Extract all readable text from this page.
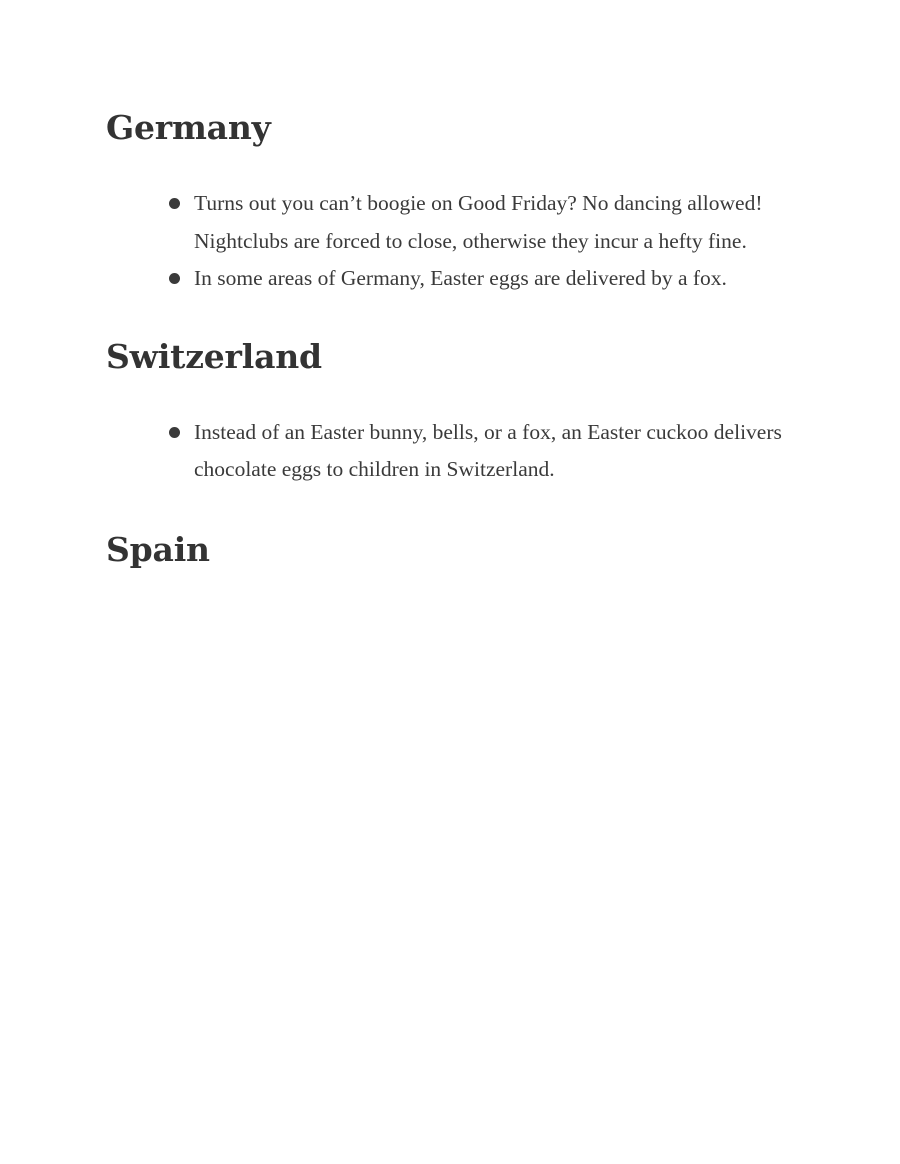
Germany
Turns out you can’t boogie on Good Friday? No dancing allowed! Nightclubs are forced to close, otherwise they incur a hefty fine.
In some areas of Germany, Easter eggs are delivered by a fox.
Switzerland
Instead of an Easter bunny, bells, or a fox, an Easter cuckoo delivers chocolate eggs to children in Switzerland.
Spain
